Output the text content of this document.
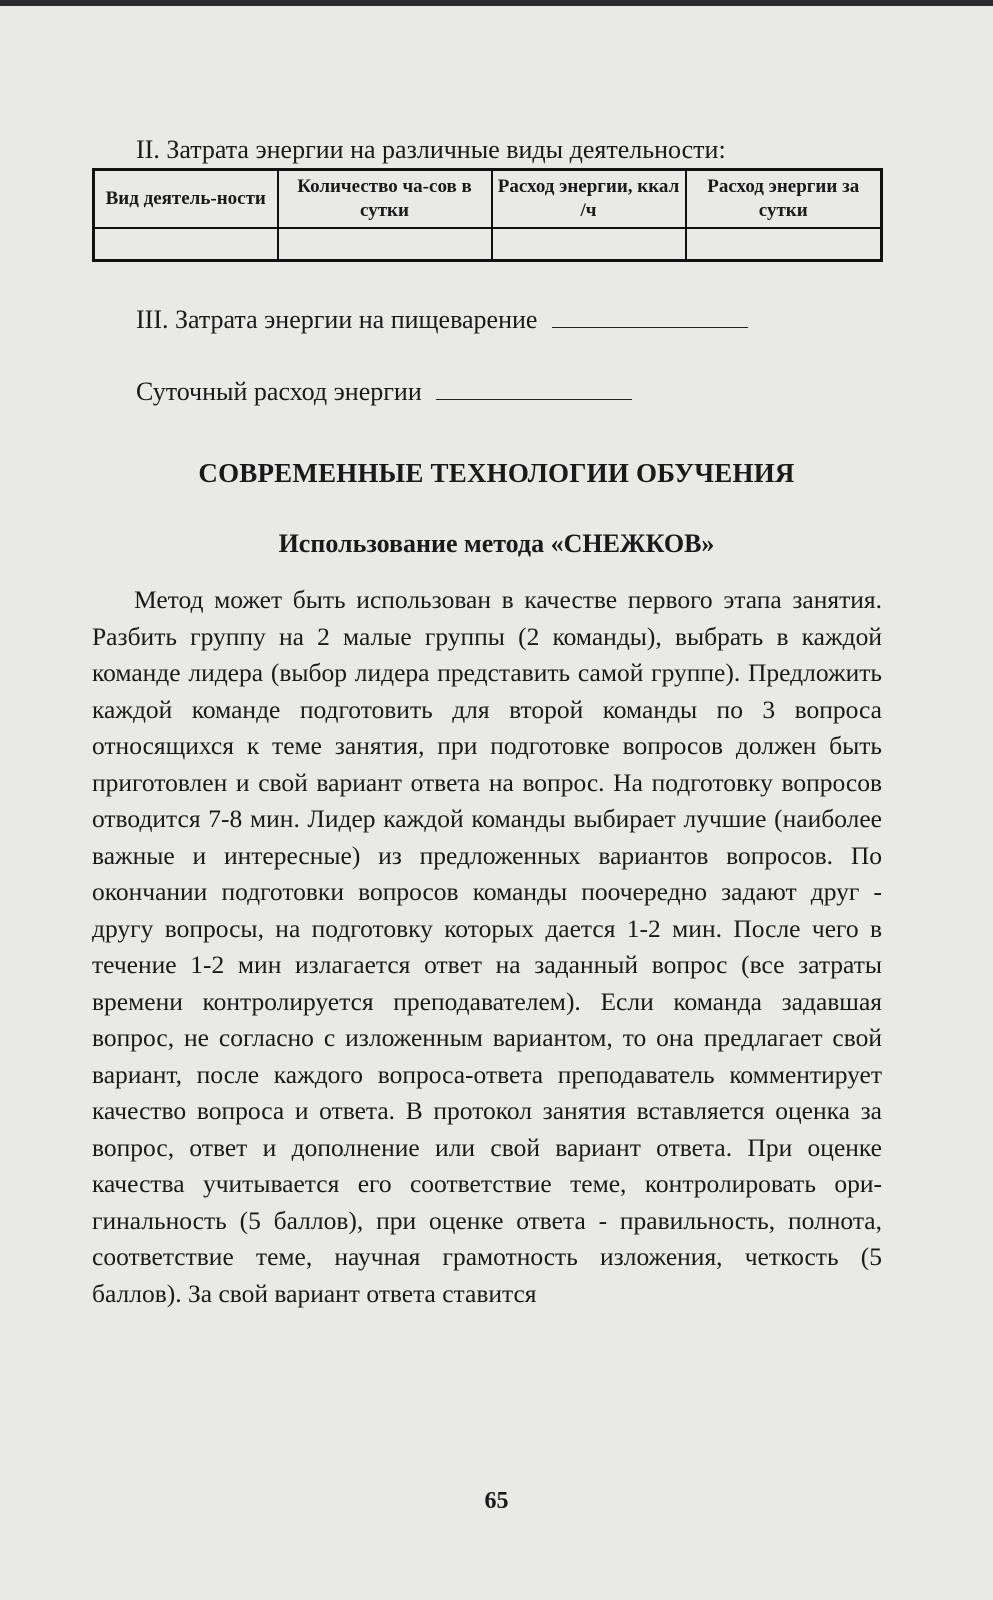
II. Затрата энергии на различные виды деятельности:
Вид деятель-ности	Количество ча-сов в сутки	Расход энергии, ккал /ч	Расход энергии за сутки

III. Затрата энергии на пищеварение
Суточный расход энергии
СОВРЕМЕННЫЕ ТЕХНОЛОГИИ ОБУЧЕНИЯ
Использование метода «СНЕЖКОВ»

Метод может быть использован в качестве первого этапа занятия. Разбить группу на 2 малые группы (2 команды), выбрать в каждой команде лидера (выбор лидера представить самой группе). Предложить каждой команде подготовить для второй команды по 3 вопроса относящихся к теме занятия, при подготовке вопросов должен быть приготовлен и свой вариант ответа на вопрос. На подготовку вопросов отводится 7-8 мин. Лидер каждой команды выбирает лучшие (наиболее важные и интересные) из предложенных вариантов вопросов. По окончании подготовки вопросов команды поочередно задают друг - другу вопросы, на подготовку которых дается 1-2 мин. После чего в течение 1-2 мин излагается ответ на заданный вопрос (все затраты времени контролируется преподавателем). Если команда задавшая вопрос, не согласно с изложенным вариантом, то она предлагает свой вариант, после каждого вопроса-ответа преподаватель комментирует качество вопроса и ответа. В протокол занятия вставляется оценка за вопрос, ответ и дополнение или свой вариант ответа. При оценке качества учитывается его соответствие теме, контролировать оригинальность (5 баллов), при оценке ответа - правильность, полнота, соответствие теме, научная грамотность изложения, четкость (5 баллов). За свой вариант ответа ставится

65
